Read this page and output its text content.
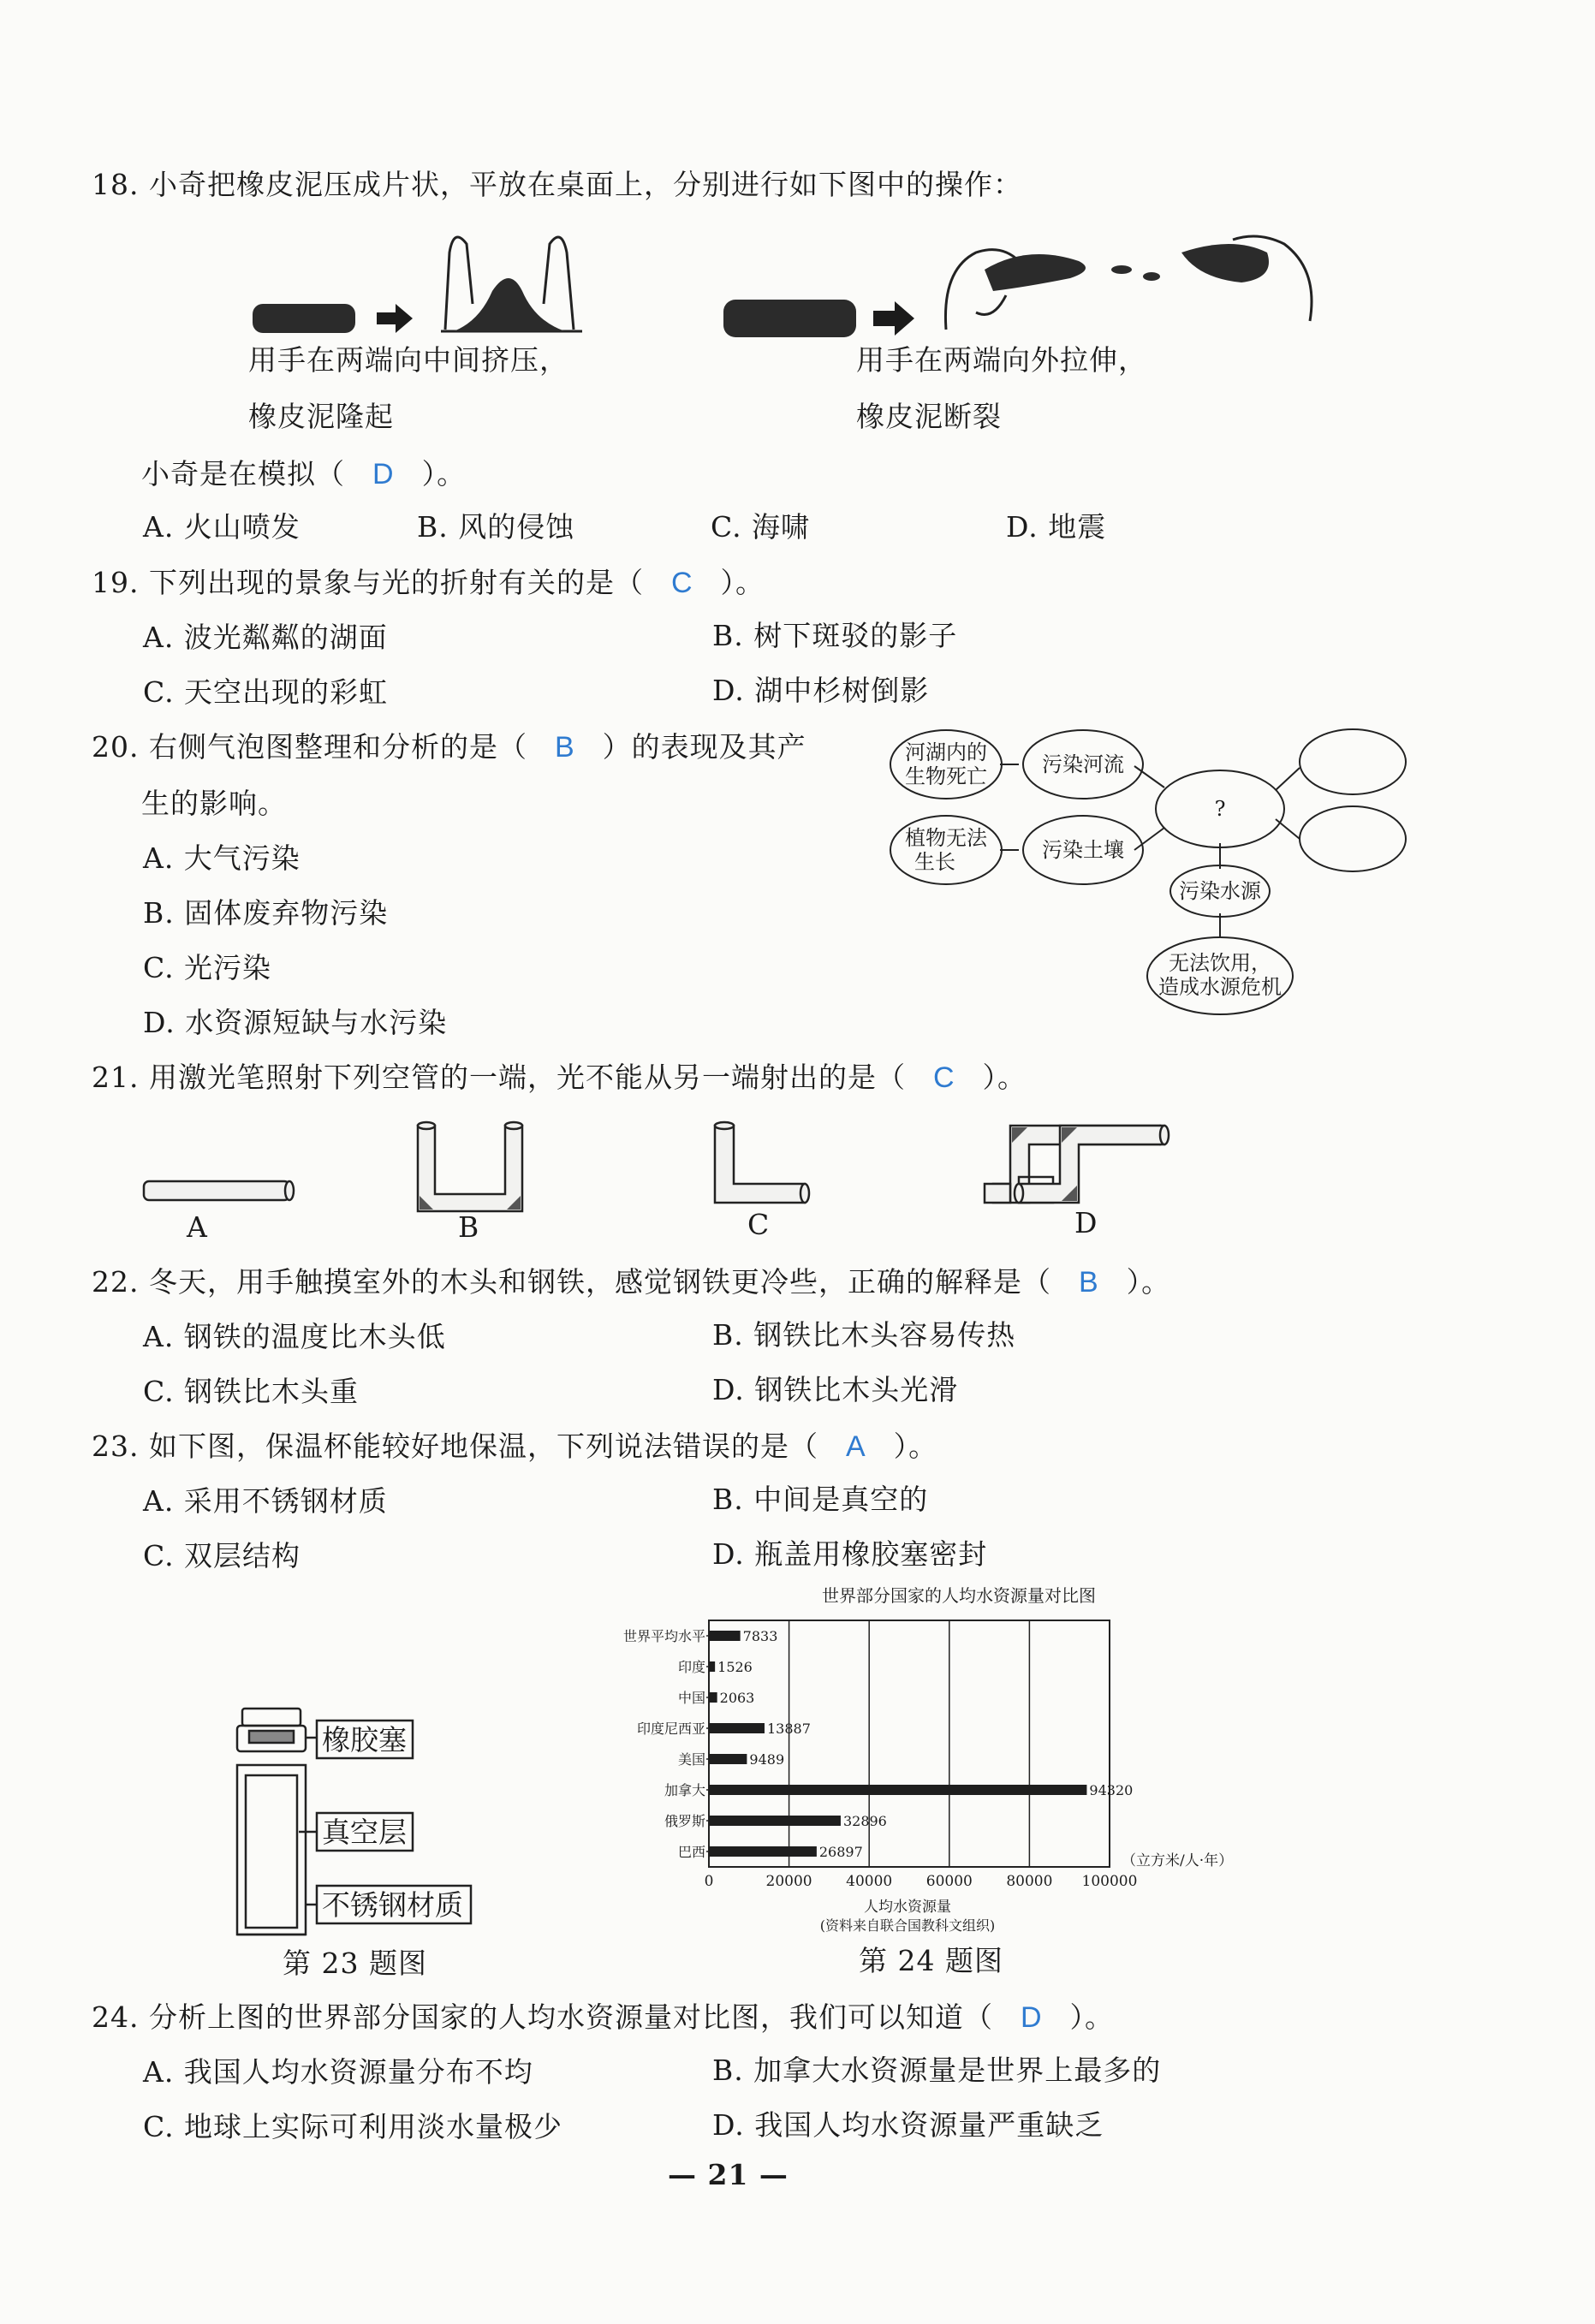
18. 小奇把橡皮泥压成片状，平放在桌面上，分别进行如下图中的操作：
用手在两端向中间挤压，
橡皮泥隆起
用手在两端向外拉伸，
橡皮泥断裂
小奇是在模拟（ D ）。
A. 火山喷发	B. 风的侵蚀	C. 海啸	D. 地震
19. 下列出现的景象与光的折射有关的是（ C ）。
A. 波光粼粼的湖面	B. 树下斑驳的影子
C. 天空出现的彩虹	D. 湖中杉树倒影
20. 右侧气泡图整理和分析的是（ B ）的表现及其产
生的影响。
A. 大气污染
B. 固体废弃物污染
C. 光污染
D. 水资源短缺与水污染
河湖内的
生物死亡	污染河流
?
植物无法
生长	污染土壤
污染水源
无法饮用，
造成水源危机
21. 用激光笔照射下列空管的一端，光不能从另一端射出的是（ C ）。
A	B	C	D
22. 冬天，用手触摸室外的木头和钢铁，感觉钢铁更冷些，正确的解释是（ B ）。
A. 钢铁的温度比木头低	B. 钢铁比木头容易传热
C. 钢铁比木头重	D. 钢铁比木头光滑
23. 如下图，保温杯能较好地保温，下列说法错误的是（ A ）。
A. 采用不锈钢材质	B. 中间是真空的
C. 双层结构	D. 瓶盖用橡胶塞密封
橡胶塞
真空层
不锈钢材质
第 23 题图
世界部分国家的人均水资源量对比图
世界平均水平	7833
印度 1526
中国 2063
印度尼西亚	13887
美国	9489
加拿大	94320
俄罗斯	32896
巴西	26897
0	20000 40000 60000 80000 100000
（立方米/人·年）
人均水资源量
(资料来自联合国教科文组织)
第 24 题图
24. 分析上图的世界部分国家的人均水资源量对比图，我们可以知道（ D ）。
A. 我国人均水资源量分布不均	B. 加拿大水资源量是世界上最多的
C. 地球上实际可利用淡水量极少	D. 我国人均水资源量严重缺乏
— 21 —
